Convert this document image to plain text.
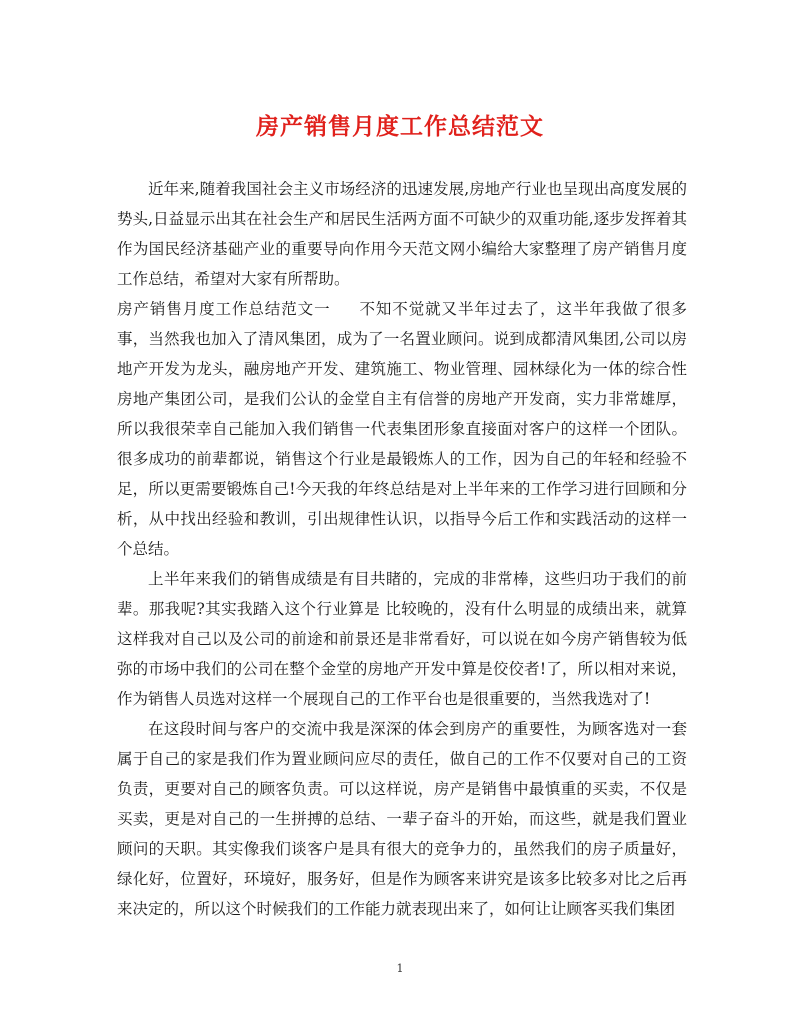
房产销售月度工作总结范文

近年来,随着我国社会主义市场经济的迅速发展,房地产行业也呈现出高度发展的势头,日益显示出其在社会生产和居民生活两方面不可缺少的双重功能,逐步发挥着其作为国民经济基础产业的重要导向作用今天范文网小编给大家整理了房产销售月度工作总结，希望对大家有所帮助。

房产销售月度工作总结范文一 不知不觉就又半年过去了，这半年我做了很多事，当然我也加入了清风集团，成为了一名置业顾问。说到成都清风集团,公司以房地产开发为龙头，融房地产开发、建筑施工、物业管理、园林绿化为一体的综合性房地产集团公司，是我们公认的金堂自主有信誉的房地产开发商，实力非常雄厚，所以我很荣幸自己能加入我们销售一代表集团形象直接面对客户的这样一个团队。很多成功的前辈都说，销售这个行业是最锻炼人的工作，因为自己的年轻和经验不足，所以更需要锻炼自己!今天我的年终总结是对上半年来的工作学习进行回顾和分析，从中找出经验和教训，引出规律性认识，以指导今后工作和实践活动的这样一个总结。

上半年来我们的销售成绩是有目共睹的，完成的非常棒，这些归功于我们的前辈。那我呢?其实我踏入这个行业算是 比较晚的，没有什么明显的成绩出来，就算这样我对自己以及公司的前途和前景还是非常看好，可以说在如今房产销售较为低弥的市场中我们的公司在整个金堂的房地产开发中算是佼佼者!了，所以相对来说，作为销售人员选对这样一个展现自己的工作平台也是很重要的，当然我选对了!

在这段时间与客户的交流中我是深深的体会到房产的重要性，为顾客选对一套属于自己的家是我们作为置业顾问应尽的责任，做自己的工作不仅要对自己的工资负责，更要对自己的顾客负责。可以这样说，房产是销售中最慎重的买卖，不仅是买卖，更是对自己的一生拼搏的总结、一辈子奋斗的开始，而这些，就是我们置业顾问的天职。其实像我们谈客户是具有很大的竞争力的，虽然我们的房子质量好，绿化好，位置好，环境好，服务好，但是作为顾客来讲究是该多比较多对比之后再来决定的，所以这个时候我们的工作能力就表现出来了，如何让让顾客买我们集团

1
